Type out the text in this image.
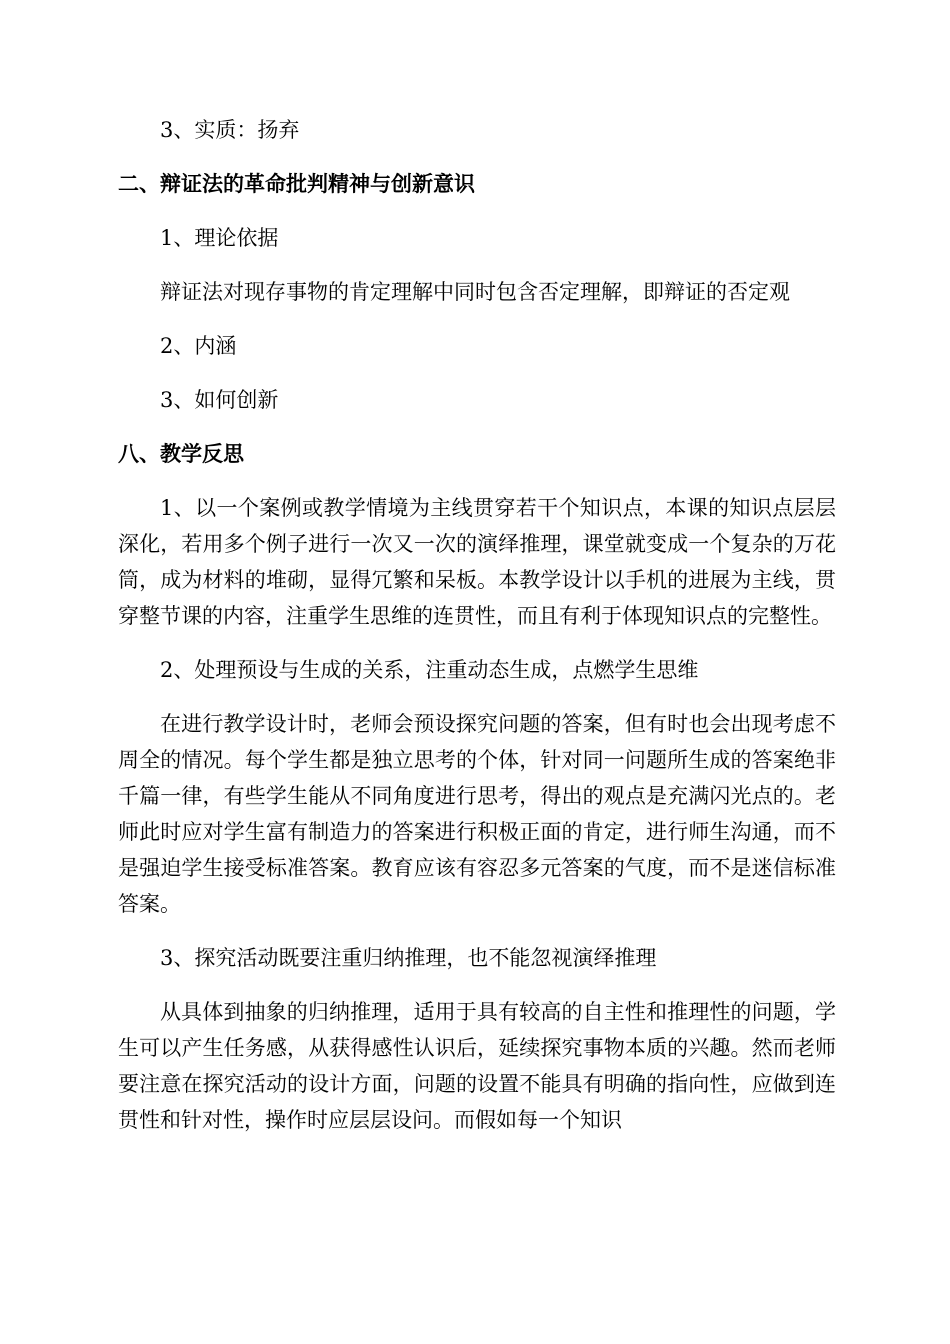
3、实质：扬弃
二、辩证法的革命批判精神与创新意识
1、理论依据
辩证法对现存事物的肯定理解中同时包含否定理解，即辩证的否定观
2、内涵
3、如何创新
八、教学反思
1、以一个案例或教学情境为主线贯穿若干个知识点，本课的知识点层层深化，若用多个例子进行一次又一次的演绎推理，课堂就变成一个复杂的万花筒，成为材料的堆砌，显得冗繁和呆板。本教学设计以手机的进展为主线，贯穿整节课的内容，注重学生思维的连贯性，而且有利于体现知识点的完整性。
2、处理预设与生成的关系，注重动态生成，点燃学生思维
在进行教学设计时，老师会预设探究问题的答案，但有时也会出现考虑不周全的情况。每个学生都是独立思考的个体，针对同一问题所生成的答案绝非千篇一律，有些学生能从不同角度进行思考，得出的观点是充满闪光点的。老师此时应对学生富有制造力的答案进行积极正面的肯定，进行师生沟通，而不是强迫学生接受标准答案。教育应该有容忍多元答案的气度，而不是迷信标准答案。
3、探究活动既要注重归纳推理，也不能忽视演绎推理
从具体到抽象的归纳推理，适用于具有较高的自主性和推理性的问题，学生可以产生任务感，从获得感性认识后，延续探究事物本质的兴趣。然而老师要注意在探究活动的设计方面，问题的设置不能具有明确的指向性，应做到连贯性和针对性，操作时应层层设问。而假如每一个知识
